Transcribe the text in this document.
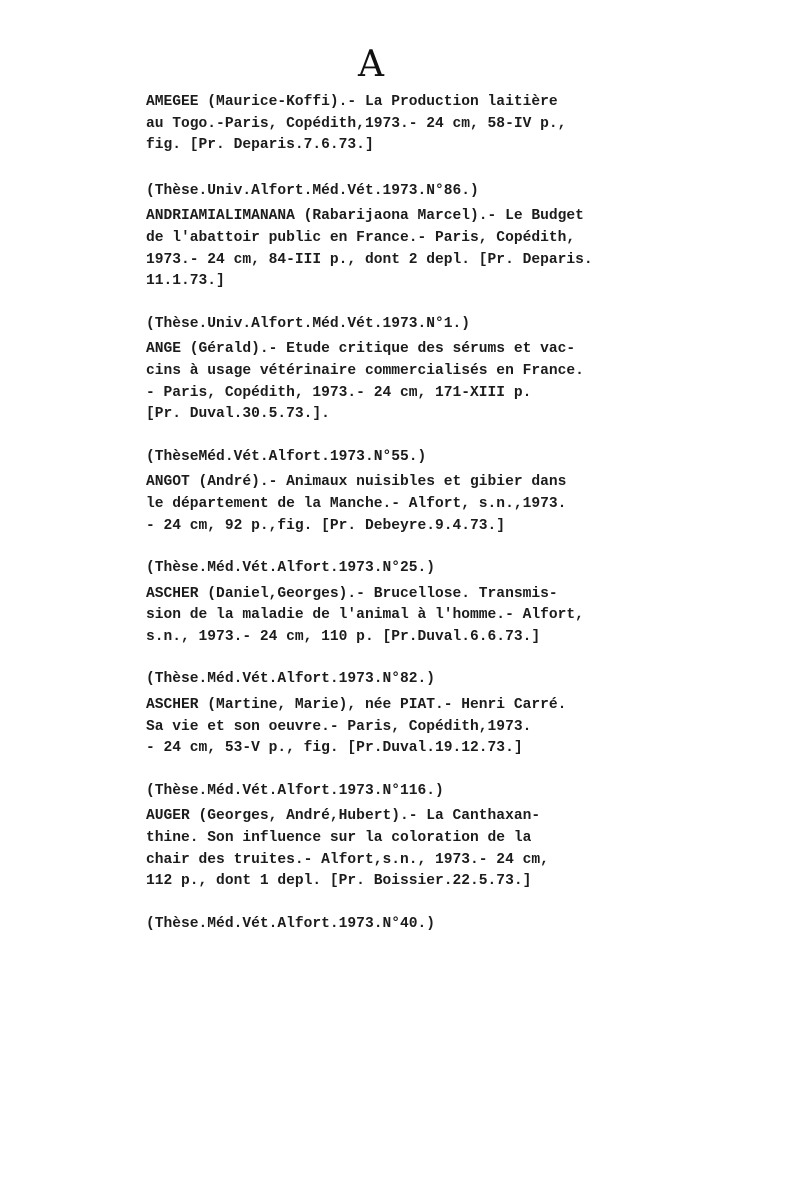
A
AMEGEE (Maurice-Koffi).- La Production laitière
au Togo.-Paris, Copédith,1973.- 24 cm, 58-IV p.,
fig. [Pr. Deparis.7.6.73.]
(Thèse.Univ.Alfort.Méd.Vét.1973.N°86.)
ANDRIAMIALIMANANA (Rabarijaona Marcel).- Le Budget
de l'abattoir public en France.- Paris, Copédith,
1973.- 24 cm, 84-III p., dont 2 depl. [Pr. Deparis.
11.1.73.]
(Thèse.Univ.Alfort.Méd.Vét.1973.N°1.)
ANGE (Gérald).- Etude critique des sérums et vac-
cins à usage vétérinaire commercialisés en France.
- Paris, Copédith, 1973.- 24 cm, 171-XIII p.
[Pr. Duval.30.5.73.].
(ThèseMéd.Vét.Alfort.1973.N°55.)
ANGOT (André).- Animaux nuisibles et gibier dans
le département de la Manche.- Alfort, s.n.,1973.
- 24 cm, 92 p.,fig. [Pr. Debeyre.9.4.73.]
(Thèse.Méd.Vét.Alfort.1973.N°25.)
ASCHER (Daniel,Georges).- Brucellose. Transmis-
sion de la maladie de l'animal à l'homme.- Alfort,
s.n., 1973.- 24 cm, 110 p. [Pr.Duval.6.6.73.]
(Thèse.Méd.Vét.Alfort.1973.N°82.)
ASCHER (Martine, Marie), née PIAT.- Henri Carré.
Sa vie et son oeuvre.- Paris, Copédith,1973.
- 24 cm, 53-V p., fig. [Pr.Duval.19.12.73.]
(Thèse.Méd.Vét.Alfort.1973.N°116.)
AUGER (Georges, André,Hubert).- La Canthaxan-
thine. Son influence sur la coloration de la
chair des truites.- Alfort,s.n., 1973.- 24 cm,
112 p., dont 1 depl. [Pr. Boissier.22.5.73.]
(Thèse.Méd.Vét.Alfort.1973.N°40.)
